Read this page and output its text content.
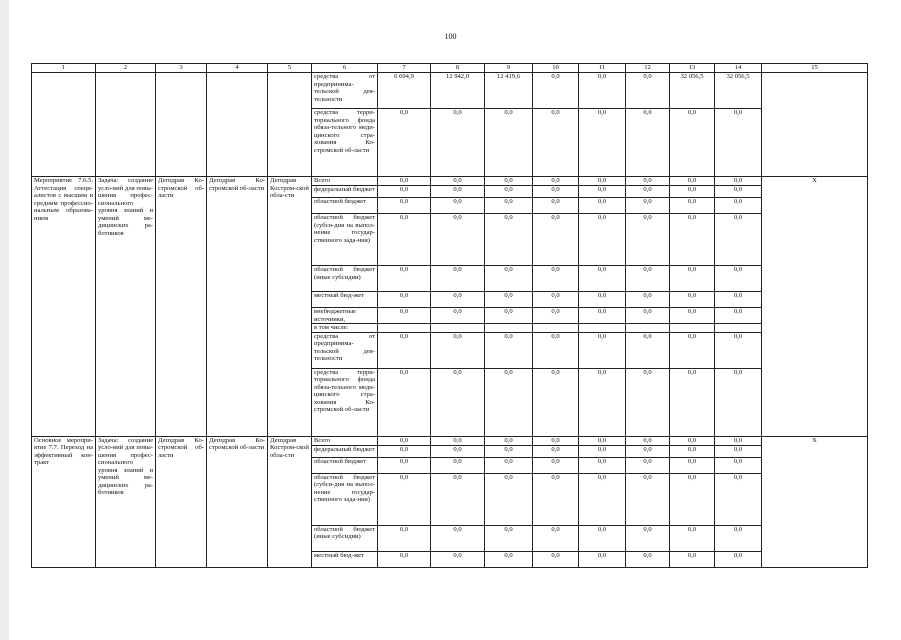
100
1	2	3	4	5	6	7	8	9	10	11	12	13	14	15
					средства от предпринима-тельской дея-тельности	6 694,9	12 942,0	12 419,6	0,0	0,0	0,0	32 056,5	32 056,5	
					средства терри-ториального фонда обяза-тельного меди-цинского стра-хования Ко-стромской об-ласти	0,0	0,0	0,0	0,0	0,0	0,0	0,0	0,0	
Мероприятие 7.6.5. Аттестация специ-алистов с высшим и средним профессио-нальным образова-нием	Задача: создание усло-вий для повы-шения профес-сионального уровня знаний и умений ме-дицинских ра-ботников	Депздрав Ко-стромской об-ласти	Депздрав Ко-стромской об-ласти	Депздрав Костром-ской обла-сти	Всего	0,0	0,0	0,0	0,0	0,0	0,0	0,0	0,0	X
					федеральный бюджет	0,0	0,0	0,0	0,0	0,0	0,0	0,0	0,0	
					областной бюджет	0,0	0,0	0,0	0,0	0,0	0,0	0,0	0,0	
					областной бюджет (субси-дия на выпол-нение государ-ственного зада-ния)	0,0	0,0	0,0	0,0	0,0	0,0	0,0	0,0	
					областной бюджет (иные субсидии)	0,0	0,0	0,0	0,0	0,0	0,0	0,0	0,0	
					местный бюд-жет	0,0	0,0	0,0	0,0	0,0	0,0	0,0	0,0	
					внебюджетные источники,	0,0	0,0	0,0	0,0	0,0	0,0	0,0	0,0	
					в том числе:									
					средства от предпринима-тельской дея-тельности	0,0	0,0	0,0	0,0	0,0	0,0	0,0	0,0	
					средства терри-ториального фонда обяза-тельного меди-цинского стра-хования Ко-стромской об-ласти	0,0	0,0	0,0	0,0	0,0	0,0	0,0	0,0	
Основное меропри-ятие 7.7. Переход на эффективный кон-тракт	Задача: создание усло-вий для повы-шения профес-сионального уровня знаний и умений ме-дицинских ра-ботников	Депздрав Ко-стромской об-ласти	Депздрав Ко-стромской об-ласти	Депздрав Костром-ской обла-сти	Всего	0,0	0,0	0,0	0,0	0,0	0,0	0,0	0,0	X
					федеральный бюджет	0,0	0,0	0,0	0,0	0,0	0,0	0,0	0,0	
					областной бюджет	0,0	0,0	0,0	0,0	0,0	0,0	0,0	0,0	
					областной бюджет (субси-дия на выпол-нение государ-ственного зада-ния)	0,0	0,0	0,0	0,0	0,0	0,0	0,0	0,0	
					областной бюджет (иные субсидии)	0,0	0,0	0,0	0,0	0,0	0,0	0,0	0,0	
					местный бюд-жет	0,0	0,0	0,0	0,0	0,0	0,0	0,0	0,0	
